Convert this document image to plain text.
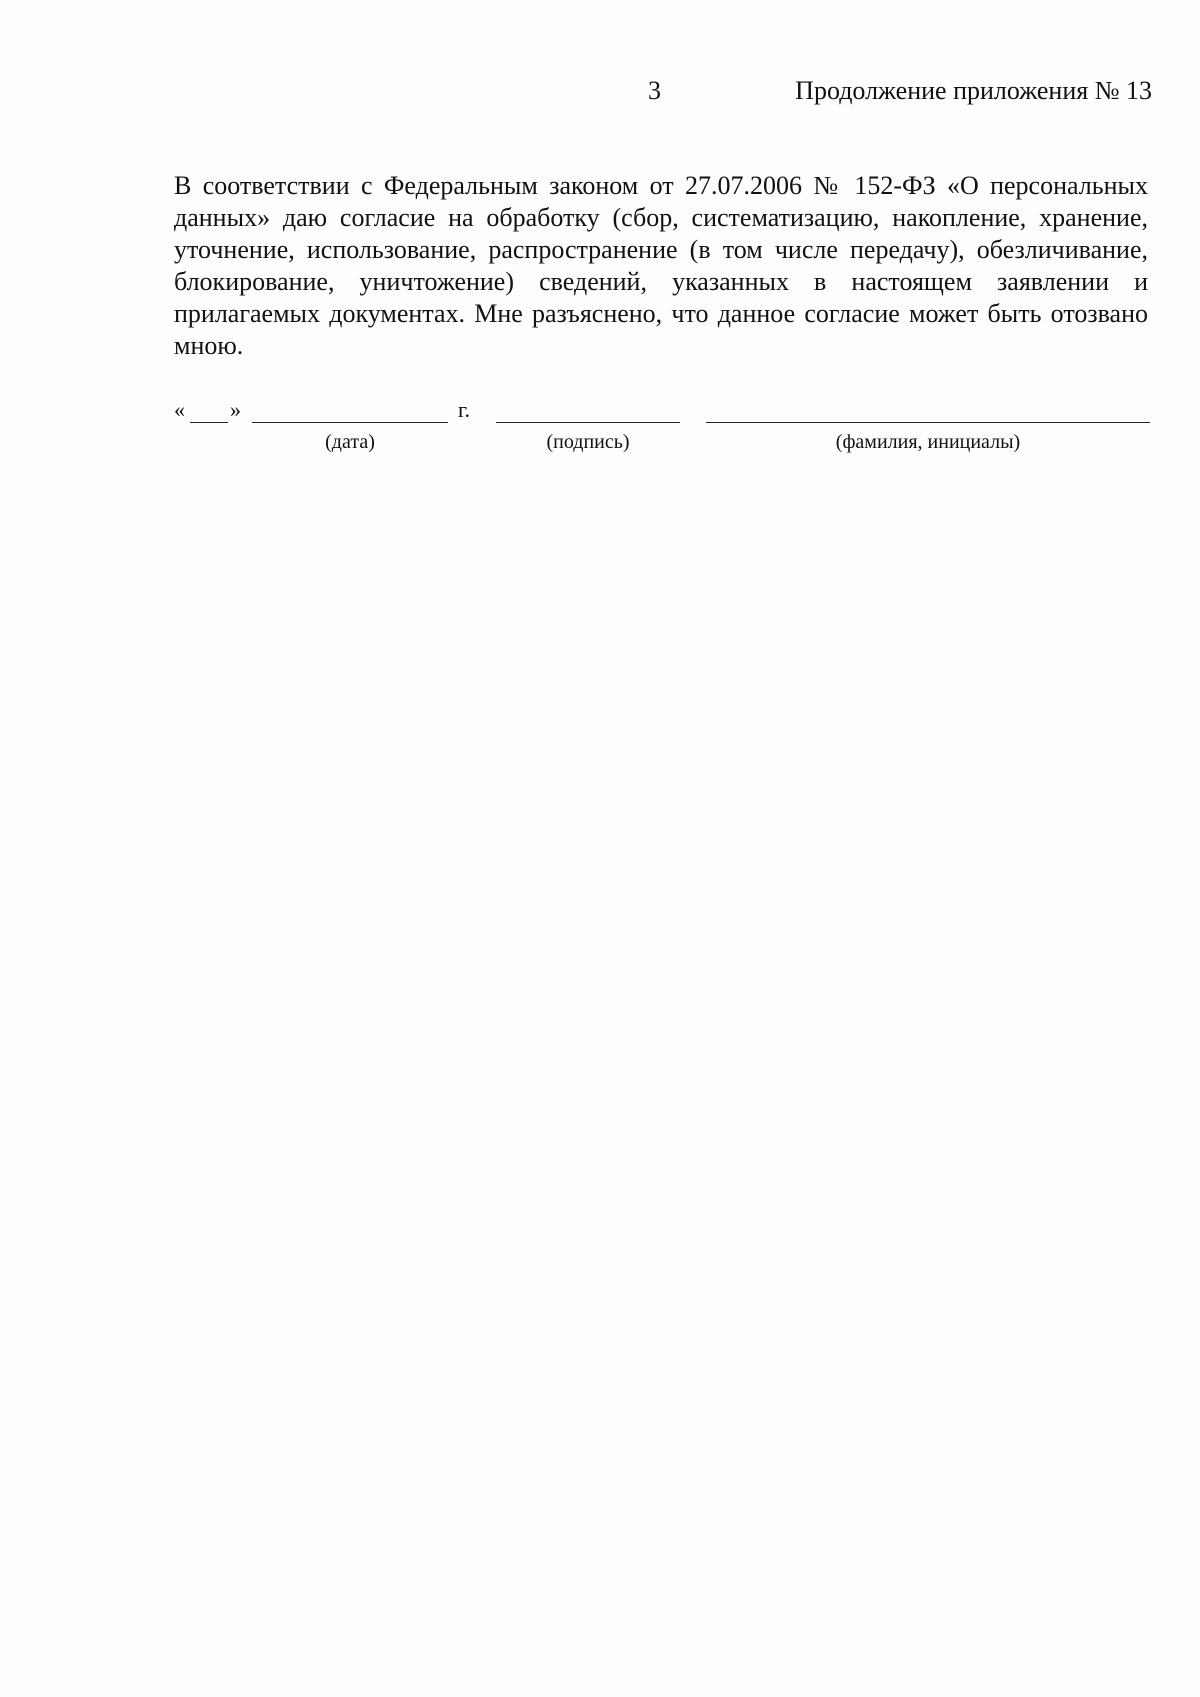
3	Продолжение приложения № 13

В соответствии с Федеральным законом от 27.07.2006 № 152-ФЗ «О персональных данных» даю согласие на обработку (сбор, систематизацию, накопление, хранение, уточнение, использование, распространение (в том числе передачу), обезличивание, блокирование, уничтожение) сведений, указанных в настоящем заявлении и прилагаемых документах. Мне разъяснено, что данное согласие может быть отозвано мною.

« »	г.
(дата)	(подпись)	(фамилия, инициалы)
